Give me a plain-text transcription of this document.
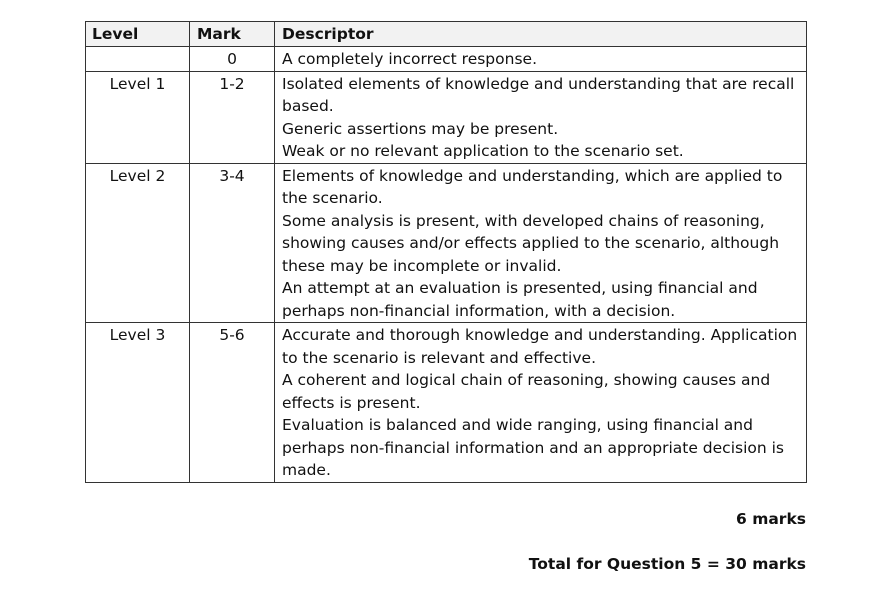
Level	Mark	Descriptor
	0	A completely incorrect response.

Level 1	1-2	Isolated elements of knowledge and understanding that are recall based.
Generic assertions may be present.
Weak or no relevant application to the scenario set.

Level 2	3-4	Elements of knowledge and understanding, which are applied to the scenario.
Some analysis is present, with developed chains of reasoning, showing causes and/or effects applied to the scenario, although these may be incomplete or invalid.
An attempt at an evaluation is presented, using financial and perhaps non-financial information, with a decision.

Level 3	5-6	Accurate and thorough knowledge and understanding. Application to the scenario is relevant and effective.
A coherent and logical chain of reasoning, showing causes and effects is present.
Evaluation is balanced and wide ranging, using financial and perhaps non-financial information and an appropriate decision is made.
6 marks
Total for Question 5 = 30 marks
